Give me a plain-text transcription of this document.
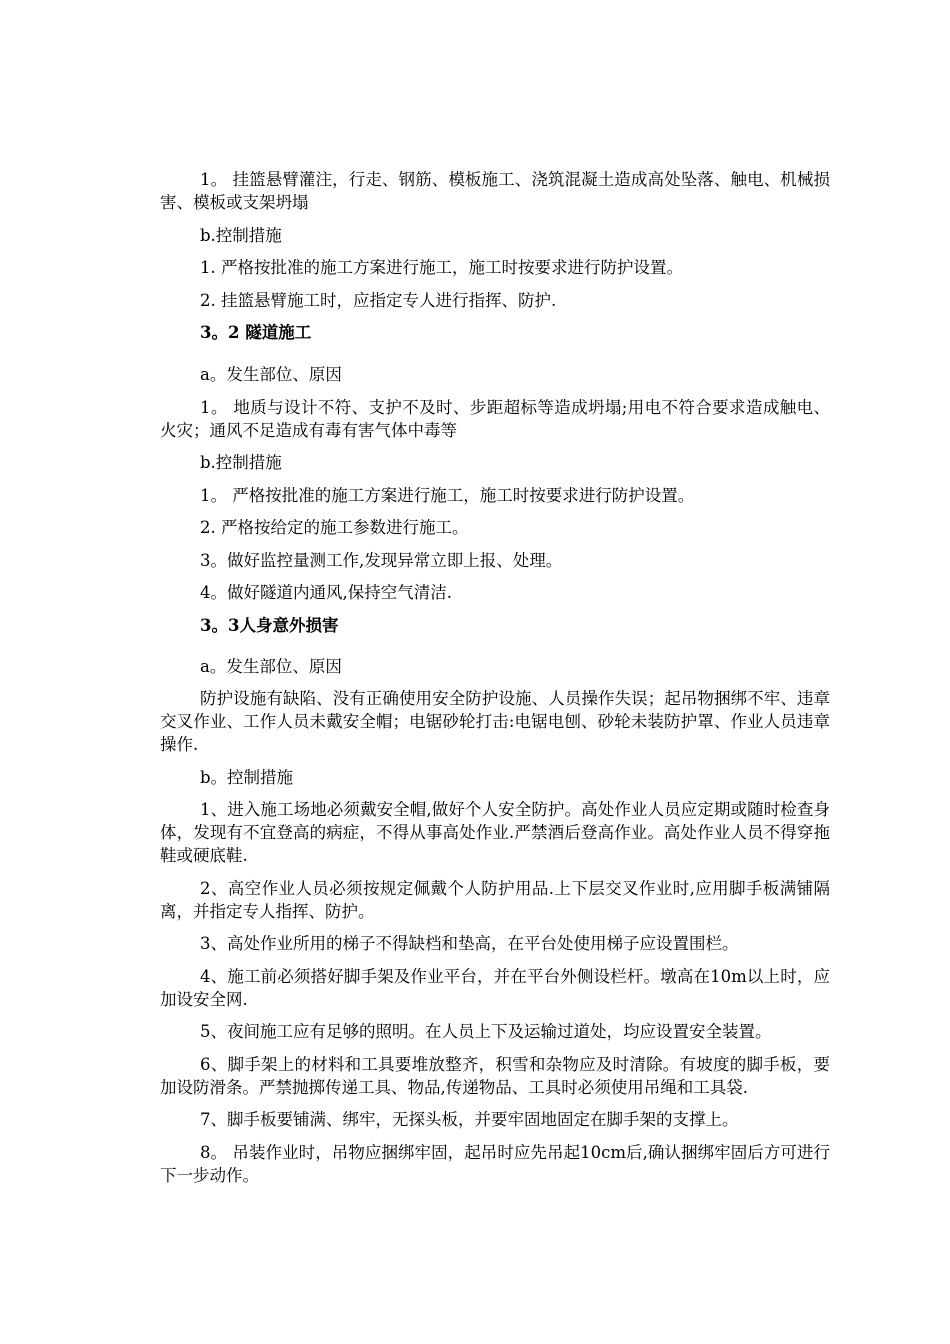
1。 挂篮悬臂灌注，行走、钢筋、模板施工、浇筑混凝土造成高处坠落、触电、机械损害、模板或支架坍塌

b.控制措施

1. 严格按批准的施工方案进行施工，施工时按要求进行防护设置。

2. 挂篮悬臂施工时，应指定专人进行指挥、防护.

3。2 隧道施工

a。发生部位、原因

1。 地质与设计不符、支护不及时、步距超标等造成坍塌;用电不符合要求造成触电、火灾；通风不足造成有毒有害气体中毒等

b.控制措施

1。 严格按批准的施工方案进行施工，施工时按要求进行防护设置。

2. 严格按给定的施工参数进行施工。

3。做好监控量测工作,发现异常立即上报、处理。

4。做好隧道内通风,保持空气清洁.

3。3人身意外损害

a。发生部位、原因

防护设施有缺陷、没有正确使用安全防护设施、人员操作失误；起吊物捆绑不牢、违章交叉作业、工作人员未戴安全帽；电锯砂轮打击:电锯电刨、砂轮未装防护罩、作业人员违章操作.

b。控制措施

1、进入施工场地必须戴安全帽,做好个人安全防护。高处作业人员应定期或随时检查身体，发现有不宜登高的病症，不得从事高处作业.严禁酒后登高作业。高处作业人员不得穿拖鞋或硬底鞋.

2、高空作业人员必须按规定佩戴个人防护用品.上下层交叉作业时,应用脚手板满铺隔离，并指定专人指挥、防护。

3、高处作业所用的梯子不得缺档和垫高，在平台处使用梯子应设置围栏。

4、施工前必须搭好脚手架及作业平台，并在平台外侧设栏杆。墩高在10m以上时，应加设安全网.

5、夜间施工应有足够的照明。在人员上下及运输过道处，均应设置安全装置。

6、脚手架上的材料和工具要堆放整齐，积雪和杂物应及时清除。有坡度的脚手板，要加设防滑条。严禁抛掷传递工具、物品,传递物品、工具时必须使用吊绳和工具袋.

7、脚手板要铺满、绑牢，无探头板，并要牢固地固定在脚手架的支撑上。

8。 吊装作业时，吊物应捆绑牢固，起吊时应先吊起10cm后,确认捆绑牢固后方可进行下一步动作。
